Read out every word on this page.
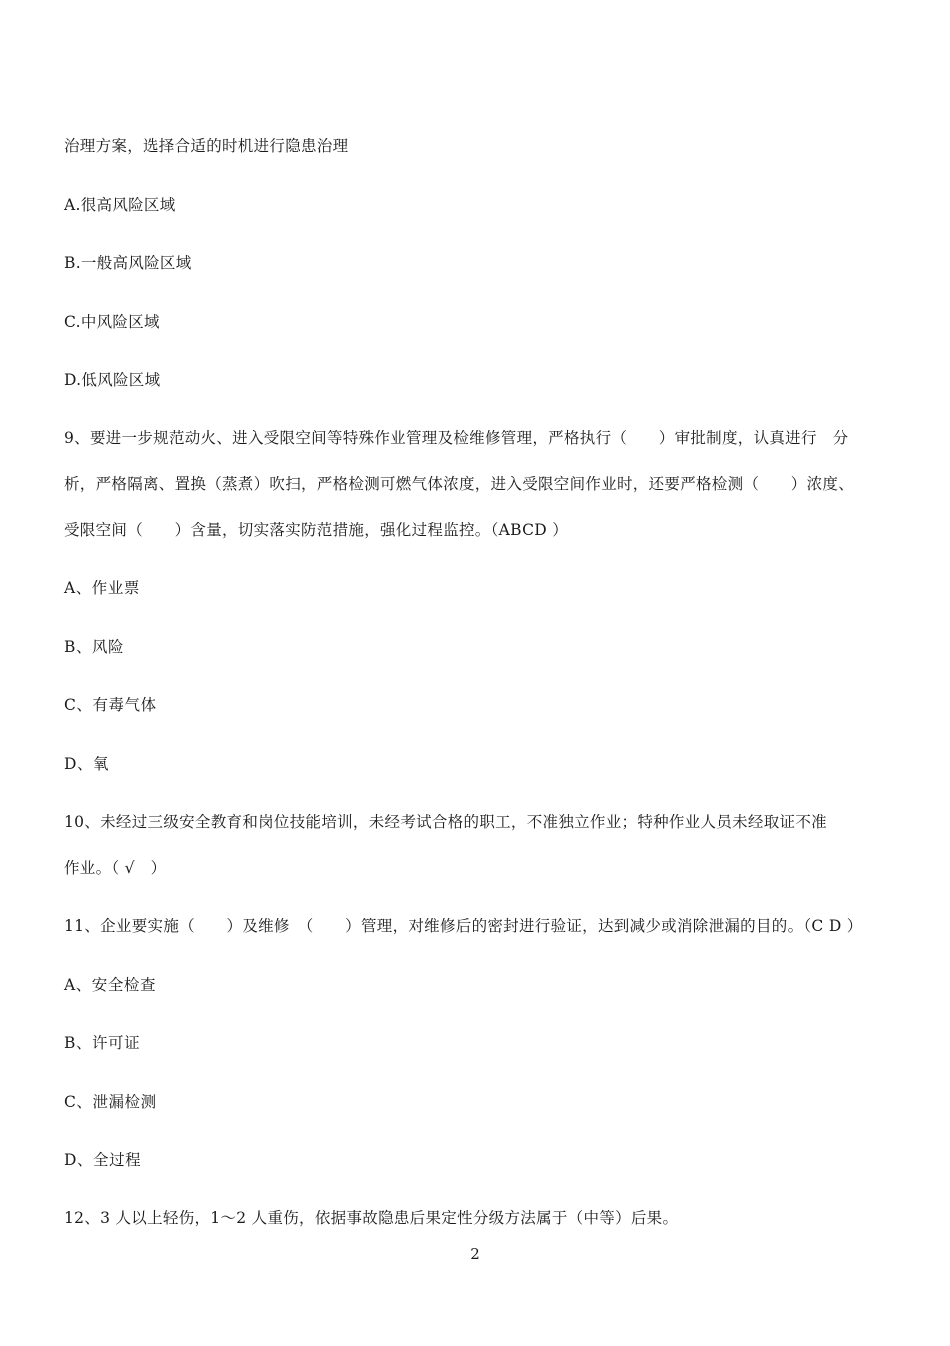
治理方案，选择合适的时机进行隐患治理

A.很高风险区域

B.一般高风险区域

C.中风险区域

D.低风险区域

9、要进一步规范动火、进入受限空间等特殊作业管理及检维修管理，严格执行（　　）审批制度，认真进行　分

析，严格隔离、置换（蒸煮）吹扫，严格检测可燃气体浓度，进入受限空间作业时，还要严格检测（　　）浓度、

受限空间（　　）含量，切实落实防范措施，强化过程监控。（ABCD ）

A、作业票

B、风险

C、有毒气体

D、氧

10、未经过三级安全教育和岗位技能培训，未经考试合格的职工，不准独立作业；特种作业人员未经取证不准

作业。（ √　）

11、企业要实施（　　）及维修　（　　）管理，对维修后的密封进行验证，达到减少或消除泄漏的目的。（C D ）

A、安全检查

B、许可证

C、泄漏检测

D、全过程

12、3 人以上轻伤，1～2 人重伤，依据事故隐患后果定性分级方法属于（中等）后果。

2
